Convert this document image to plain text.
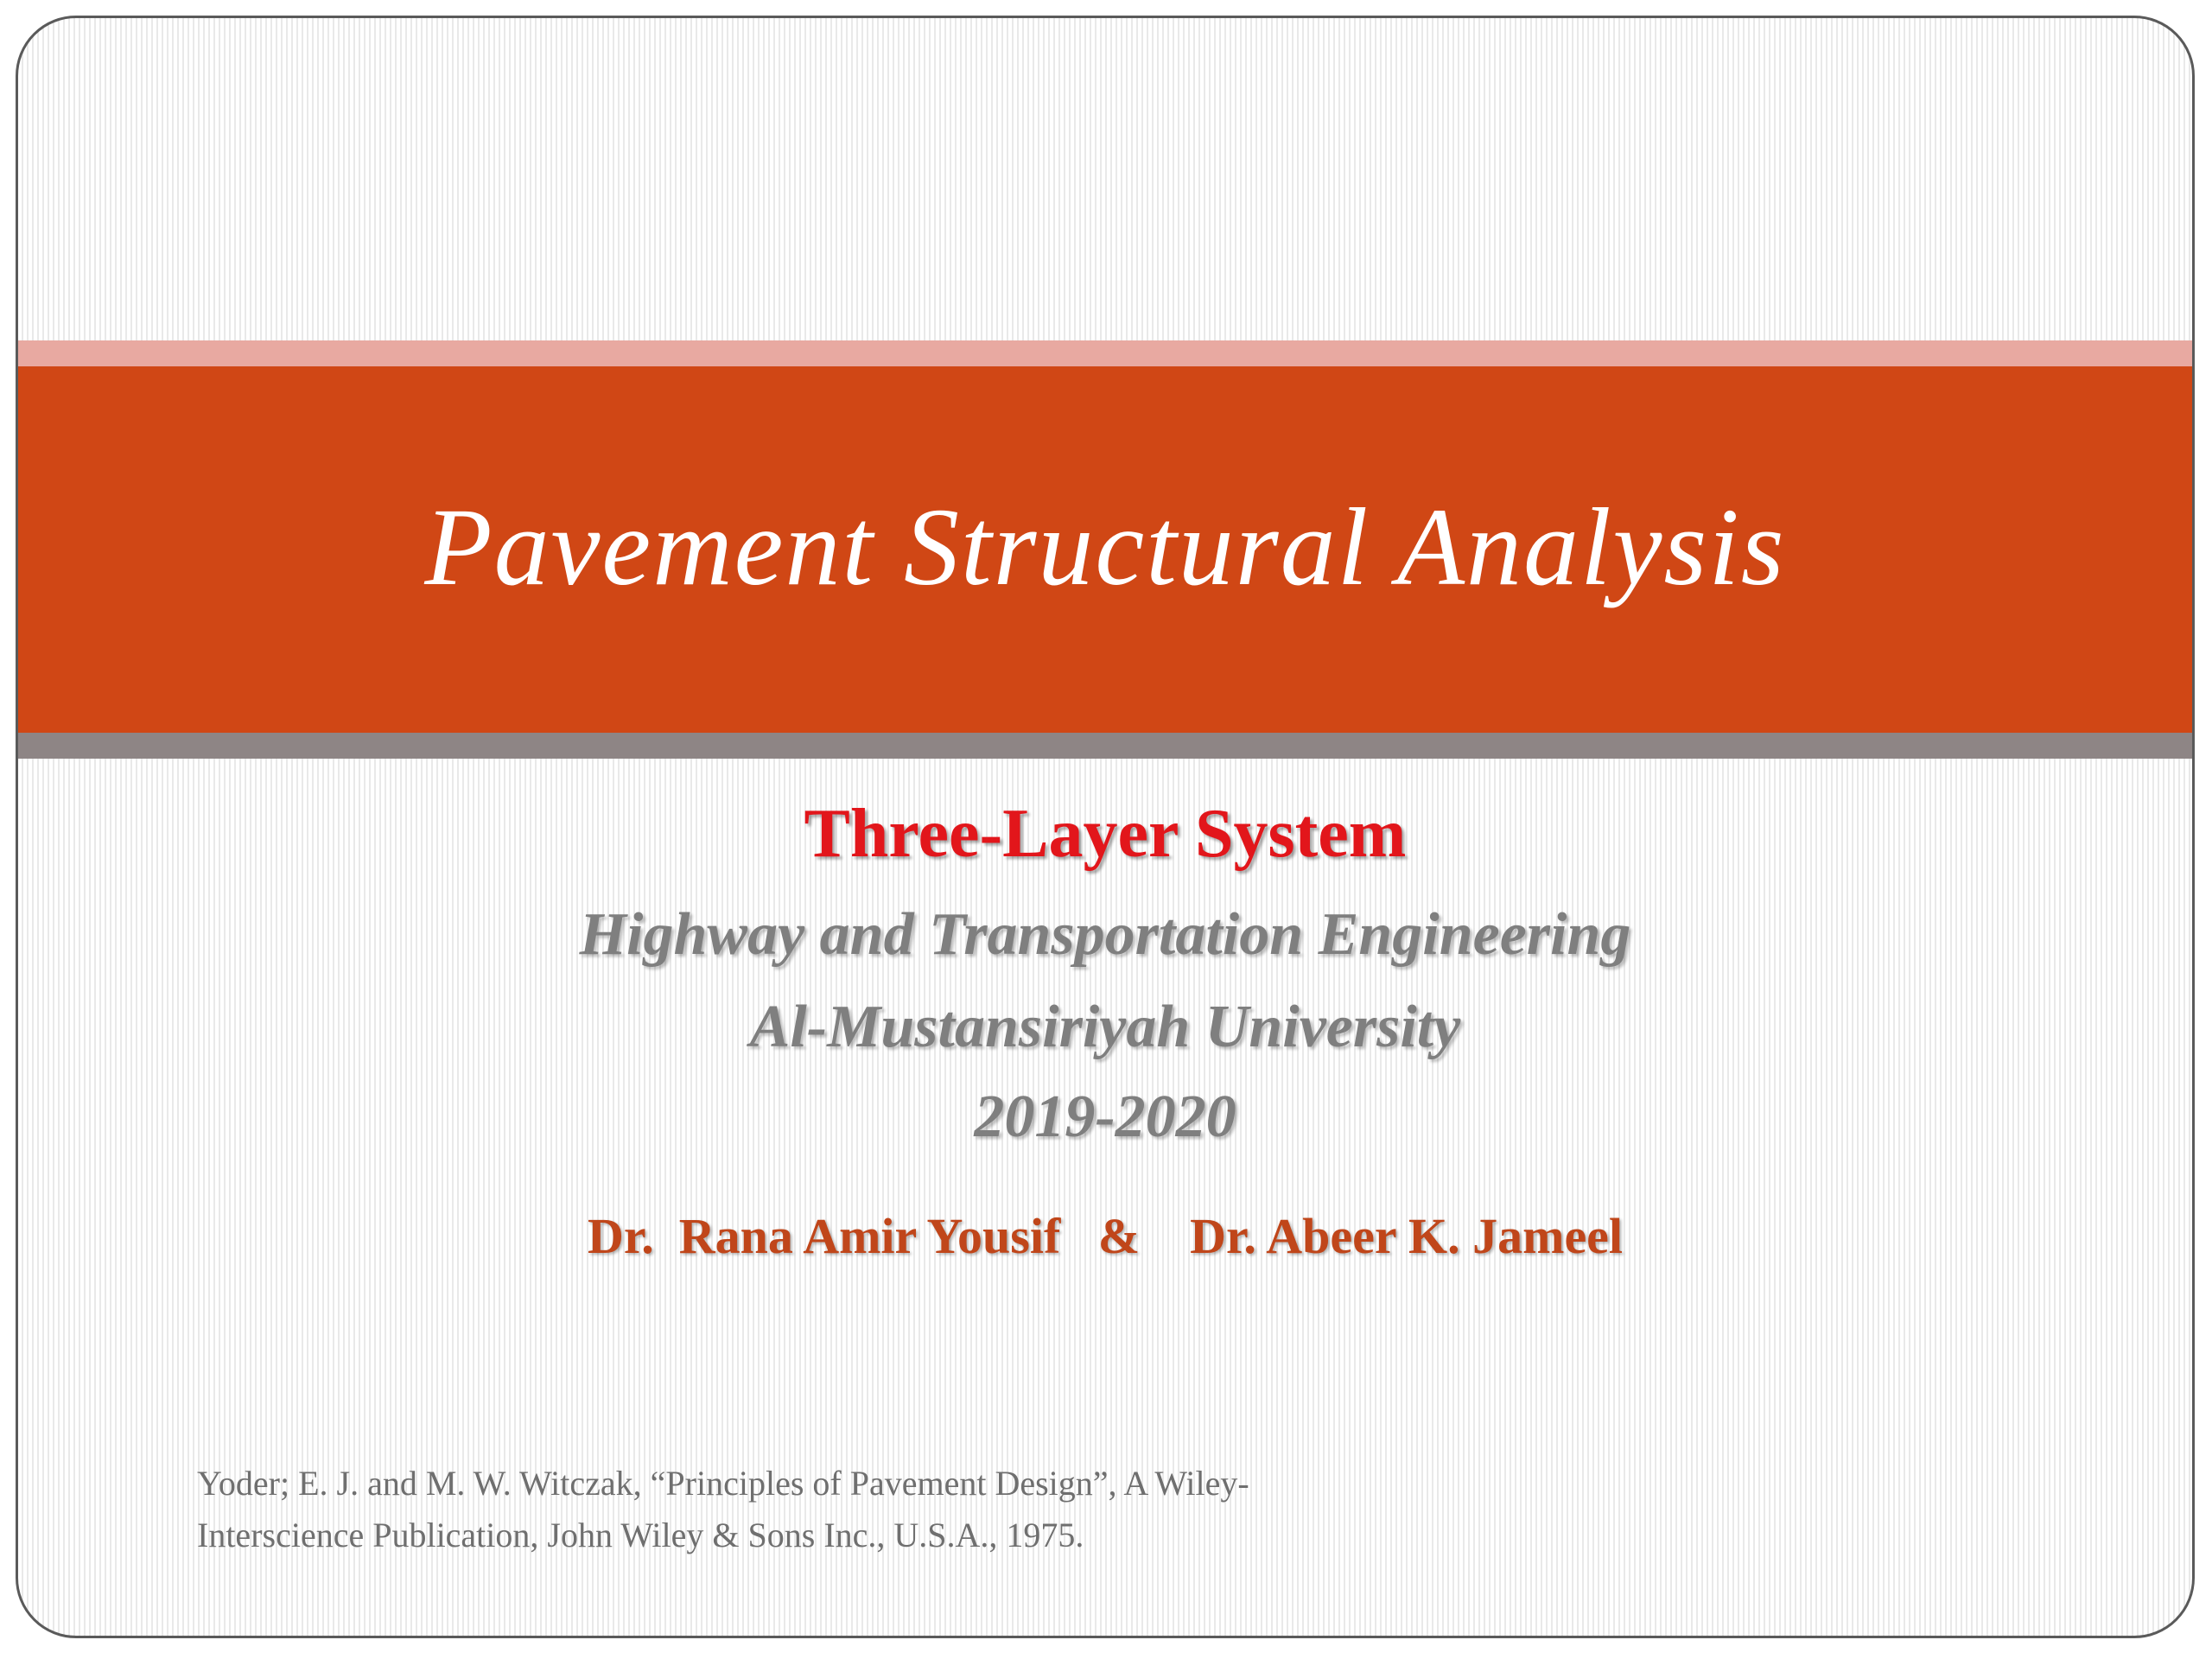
Pavement Structural Analysis
Three-Layer System
Highway and Transportation Engineering
Al-Mustansiriyah University
2019-2020
Dr.  Rana Amir Yousif   &    Dr. Abeer K. Jameel
Yoder; E. J. and M. W. Witczak, “Principles of Pavement Design”, A Wiley-
Interscience Publication, John Wiley & Sons Inc., U.S.A., 1975.
